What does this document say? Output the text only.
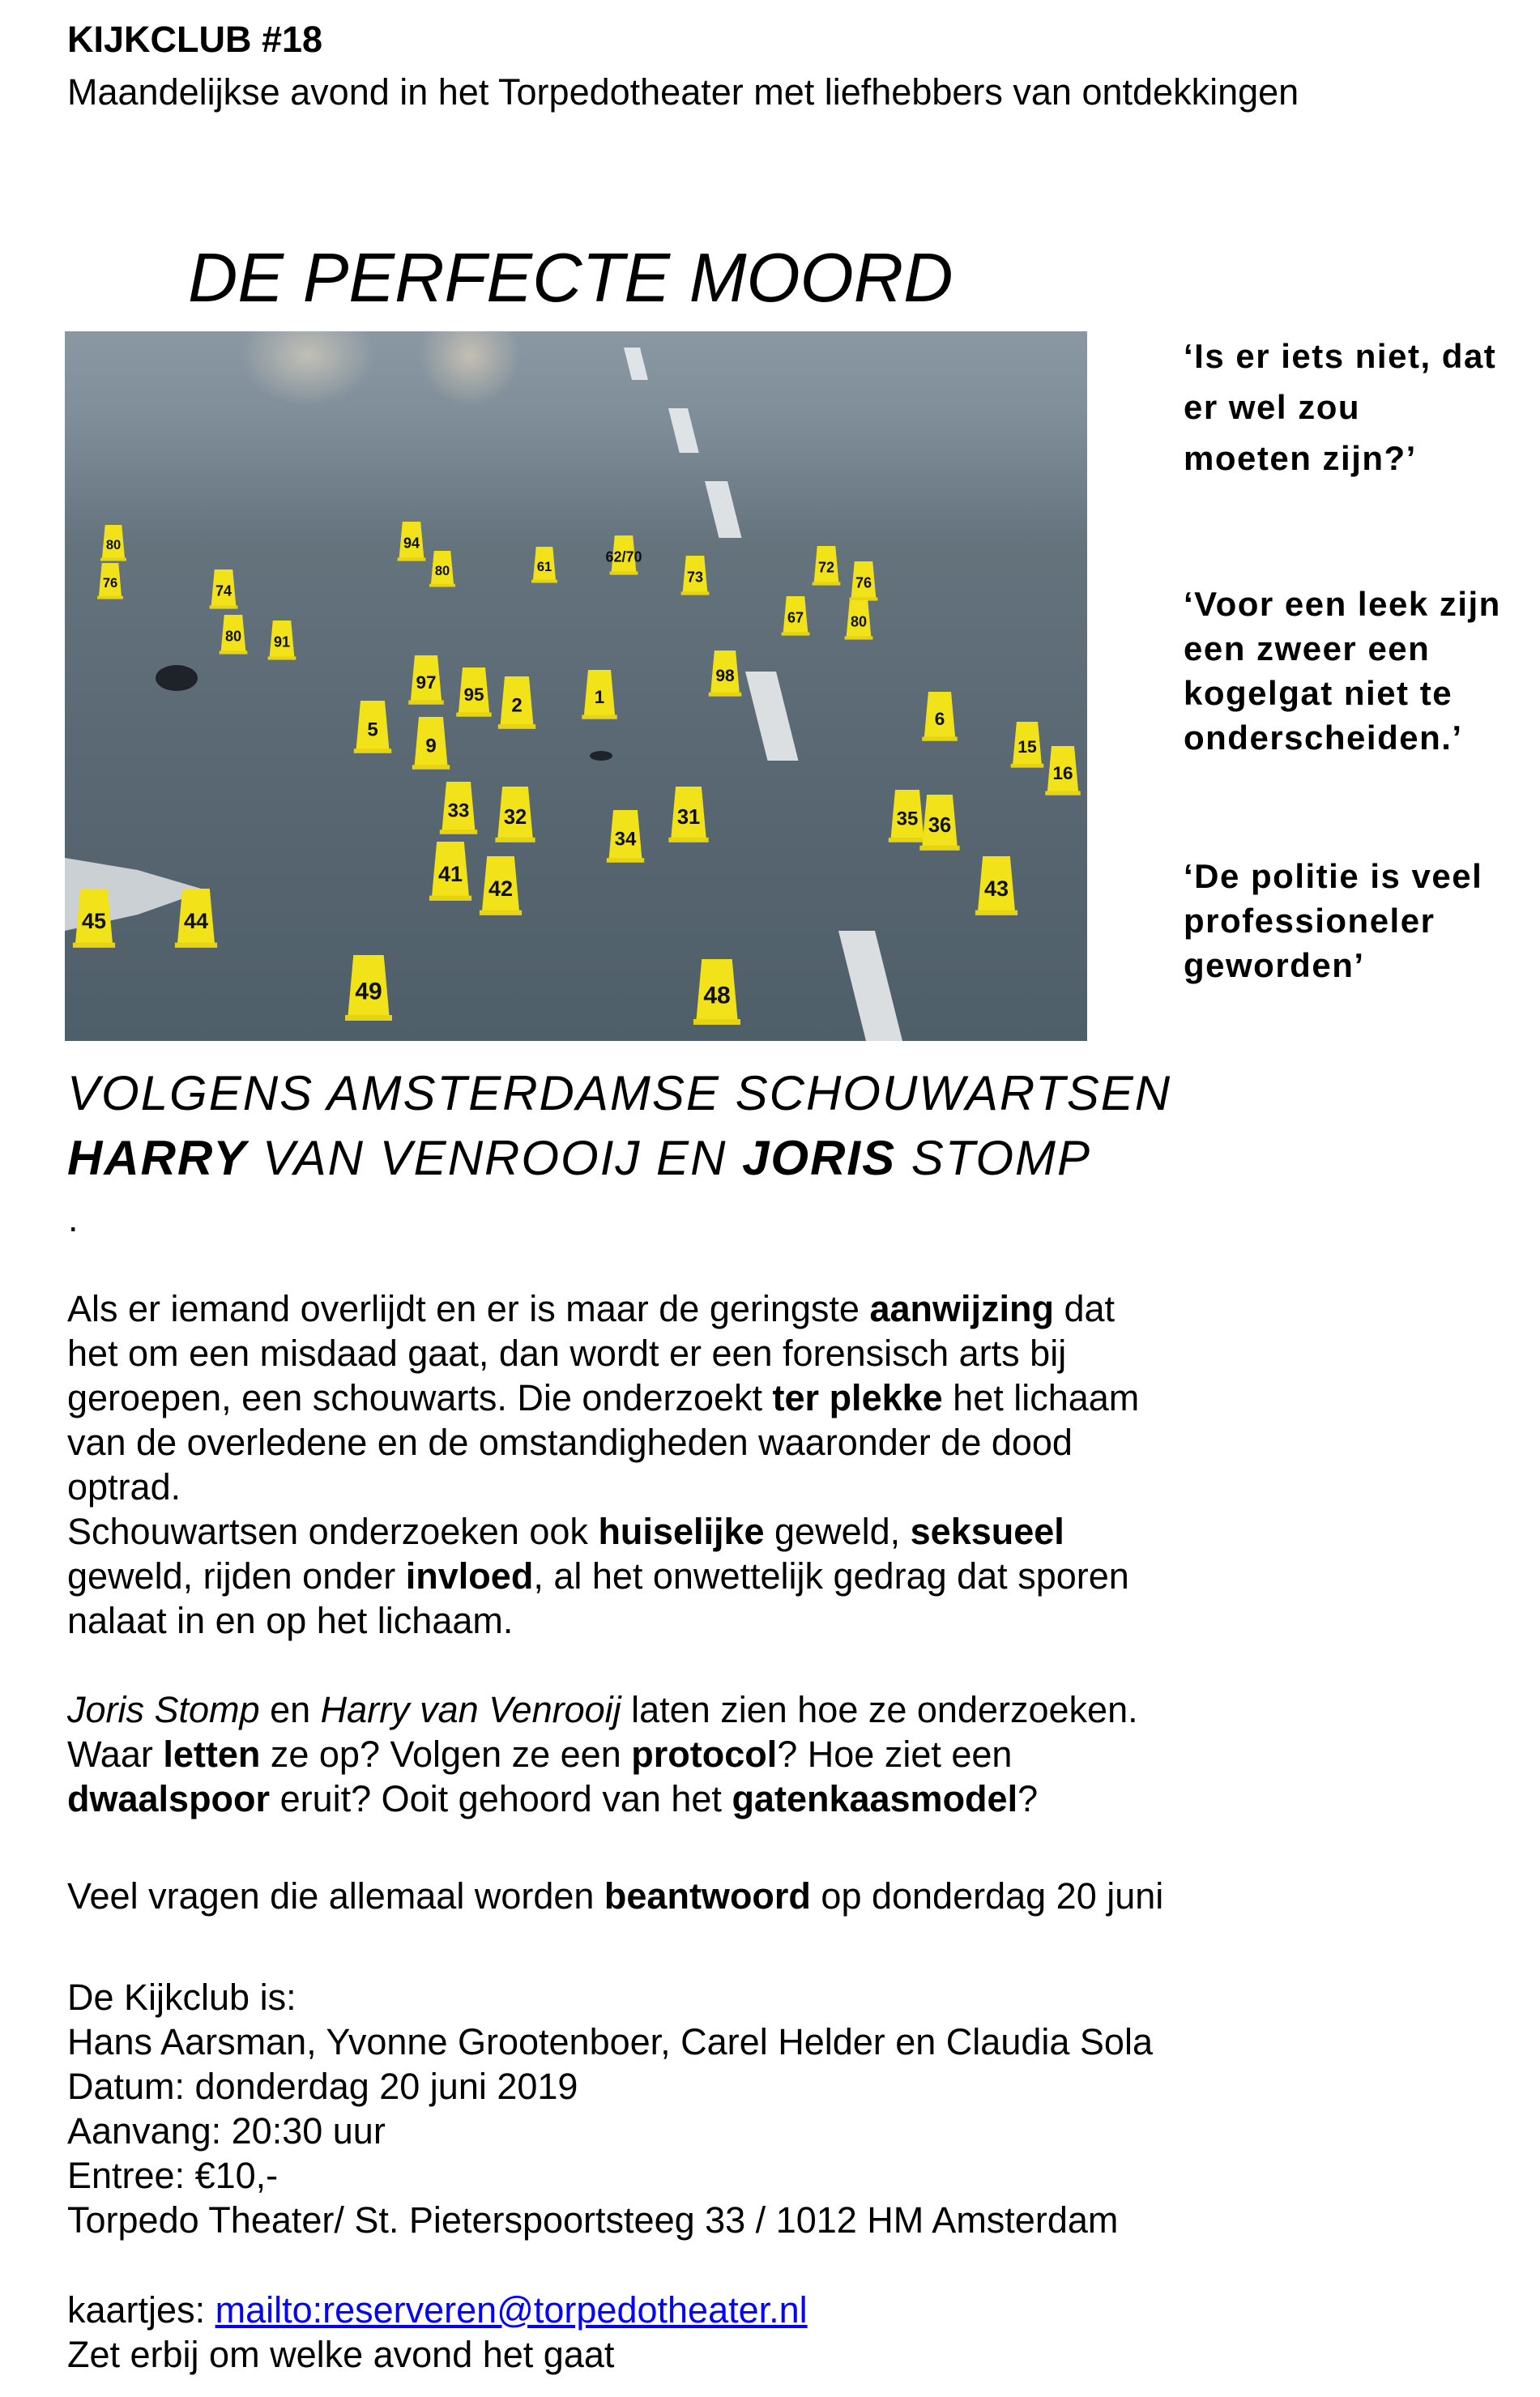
KIJKCLUB #18
Maandelijkse avond in het Torpedotheater met liefhebbers van ontdekkingen
DE PERFECTE MOORD
80
76	74
80 91
94
80	61
62/70
73
72
76
67	80
98
6
15
16
5
97
95
2	1
9
33 32
34
31	35 36
41
42	43
45	44
49	48
‘Is er iets niet, dat
er wel zou
moeten zijn?’
‘Voor een leek zijn
een zweer een
kogelgat niet te
onderscheiden.’
‘De politie is veel
professioneler
geworden’
VOLGENS AMSTERDAMSE SCHOUWARTSEN
HARRY VAN VENROOIJ EN JORIS STOMP
.
Als er iemand overlijdt en er is maar de geringste aanwijzing dat
het om een misdaad gaat, dan wordt er een forensisch arts bij
geroepen, een schouwarts. Die onderzoekt ter plekke het lichaam
van de overledene en de omstandigheden waaronder de dood
optrad.
Schouwartsen onderzoeken ook huiselijke geweld, seksueel
geweld, rijden onder invloed, al het onwettelijk gedrag dat sporen
nalaat in en op het lichaam.
Joris Stomp en Harry van Venrooij laten zien hoe ze onderzoeken.
Waar letten ze op? Volgen ze een protocol? Hoe ziet een
dwaalspoor eruit? Ooit gehoord van het gatenkaasmodel?
Veel vragen die allemaal worden beantwoord op donderdag 20 juni
De Kijkclub is:
Hans Aarsman, Yvonne Grootenboer, Carel Helder en Claudia Sola
Datum: donderdag 20 juni 2019
Aanvang: 20:30 uur
Entree: €10,-
Torpedo Theater/ St. Pieterspoortsteeg 33 / 1012 HM Amsterdam
kaartjes: mailto:reserveren@torpedotheater.nl
Zet erbij om welke avond het gaat
